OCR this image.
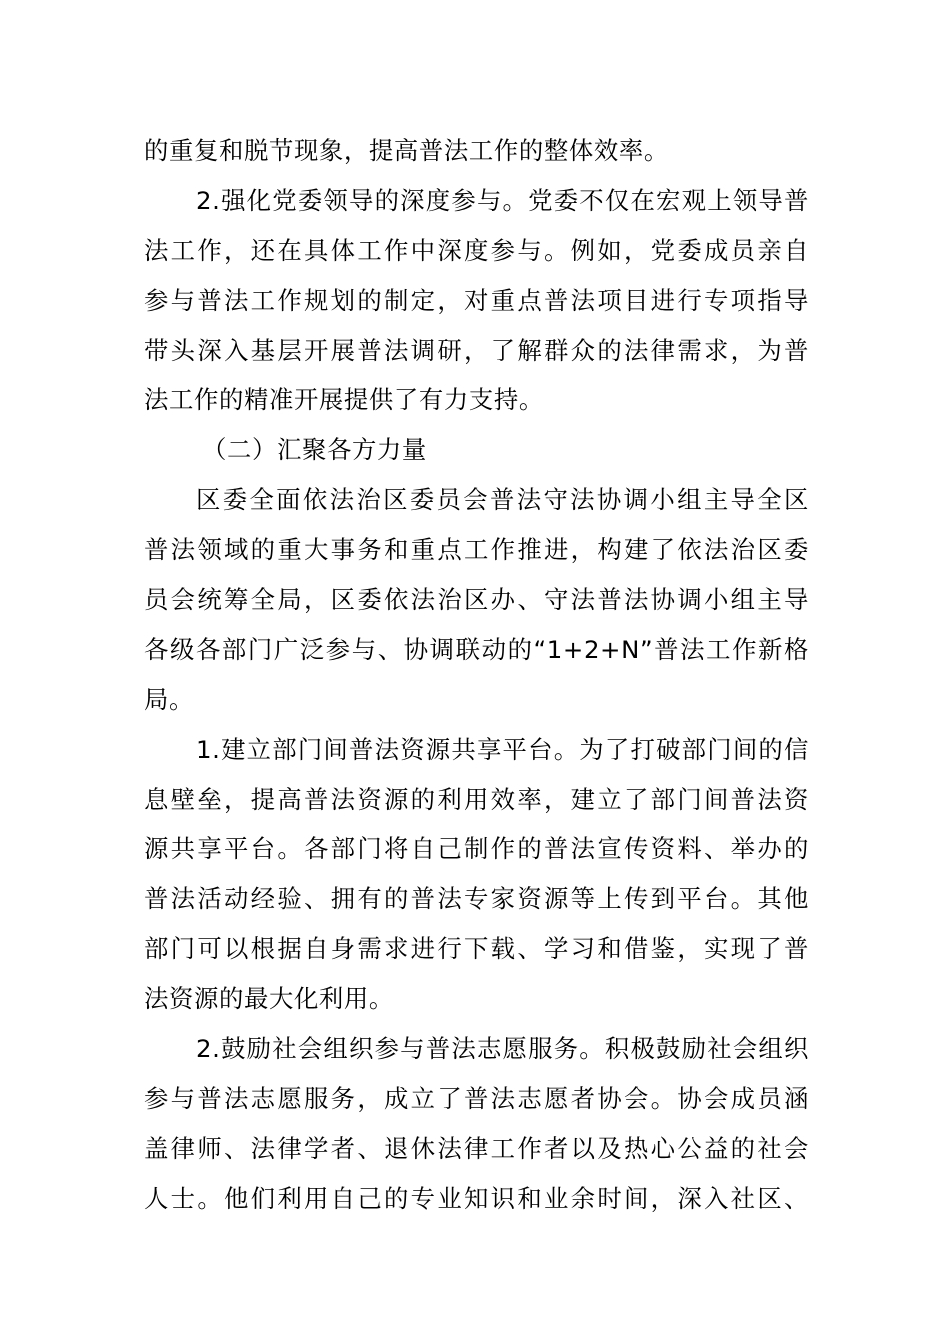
的重复和脱节现象，提高普法工作的整体效率。
2.强化党委领导的深度参与。党委不仅在宏观上领导普
法工作，还在具体工作中深度参与。例如，党委成员亲自
参与普法工作规划的制定，对重点普法项目进行专项指导
带头深入基层开展普法调研，了解群众的法律需求，为普
法工作的精准开展提供了有力支持。
（二）汇聚各方力量
区委全面依法治区委员会普法守法协调小组主导全区
普法领域的重大事务和重点工作推进，构建了依法治区委
员会统筹全局，区委依法治区办、守法普法协调小组主导
各级各部门广泛参与、协调联动的“1+2+N”普法工作新格
局。
1.建立部门间普法资源共享平台。为了打破部门间的信
息壁垒，提高普法资源的利用效率，建立了部门间普法资
源共享平台。各部门将自己制作的普法宣传资料、举办的
普法活动经验、拥有的普法专家资源等上传到平台。其他
部门可以根据自身需求进行下载、学习和借鉴，实现了普
法资源的最大化利用。
2.鼓励社会组织参与普法志愿服务。积极鼓励社会组织
参与普法志愿服务，成立了普法志愿者协会。协会成员涵
盖律师、法律学者、退休法律工作者以及热心公益的社会
人士。他们利用自己的专业知识和业余时间，深入社区、
